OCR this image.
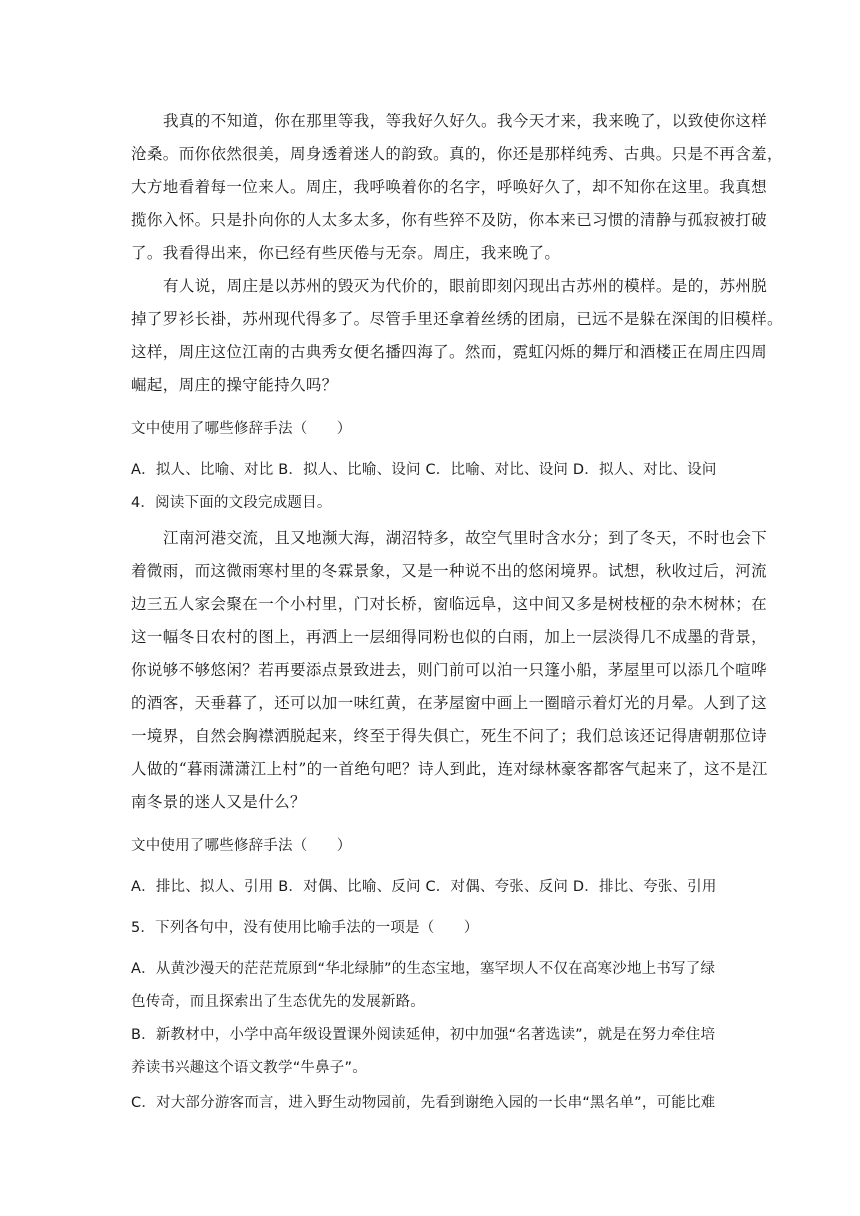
我真的不知道，你在那里等我，等我好久好久。我今天才来，我来晚了，以致使你这样
沧桑。而你依然很美，周身透着迷人的韵致。真的，你还是那样纯秀、古典。只是不再含羞，
大方地看着每一位来人。周庄，我呼唤着你的名字，呼唤好久了，却不知你在这里。我真想
揽你入怀。只是扑向你的人太多太多，你有些猝不及防，你本来已习惯的清静与孤寂被打破
了。我看得出来，你已经有些厌倦与无奈。周庄，我来晚了。
有人说，周庄是以苏州的毁灭为代价的，眼前即刻闪现出古苏州的模样。是的，苏州脱
掉了罗衫长褂，苏州现代得多了。尽管手里还拿着丝绣的团扇，已远不是躲在深闺的旧模样。
这样，周庄这位江南的古典秀女便名播四海了。然而，霓虹闪烁的舞厅和酒楼正在周庄四周
崛起，周庄的操守能持久吗？
文中使用了哪些修辞手法（　　）
A．拟人、比喻、对比 B．拟人、比喻、设问 C．比喻、对比、设问 D．拟人、对比、设问
4．阅读下面的文段完成题目。
江南河港交流，且又地濒大海，湖沼特多，故空气里时含水分；到了冬天，不时也会下
着微雨，而这微雨寒村里的冬霖景象，又是一种说不出的悠闲境界。试想，秋收过后，河流
边三五人家会聚在一个小村里，门对长桥，窗临远阜，这中间又多是树枝桠的杂木树林；在
这一幅冬日农村的图上，再洒上一层细得同粉也似的白雨，加上一层淡得几不成墨的背景，
你说够不够悠闲？若再要添点景致进去，则门前可以泊一只篷小船，茅屋里可以添几个喧哗
的酒客，天垂暮了，还可以加一味红黄，在茅屋窗中画上一圈暗示着灯光的月晕。人到了这
一境界，自然会胸襟洒脱起来，终至于得失俱亡，死生不问了；我们总该还记得唐朝那位诗
人做的“暮雨潇潇江上村”的一首绝句吧？诗人到此，连对绿林豪客都客气起来了，这不是江
南冬景的迷人又是什么？
文中使用了哪些修辞手法（　　）
A．排比、拟人、引用 B．对偶、比喻、反问 C．对偶、夸张、反问 D．排比、夸张、引用
5．下列各句中，没有使用比喻手法的一项是（　　）
A．从黄沙漫天的茫茫荒原到“华北绿肺”的生态宝地，塞罕坝人不仅在高寒沙地上书写了绿
色传奇，而且探索出了生态优先的发展新路。
B．新教材中，小学中高年级设置课外阅读延伸，初中加强“名著选读”，就是在努力牵住培
养读书兴趣这个语文教学“牛鼻子”。
C．对大部分游客而言，进入野生动物园前，先看到谢绝入园的一长串“黑名单”，可能比难
